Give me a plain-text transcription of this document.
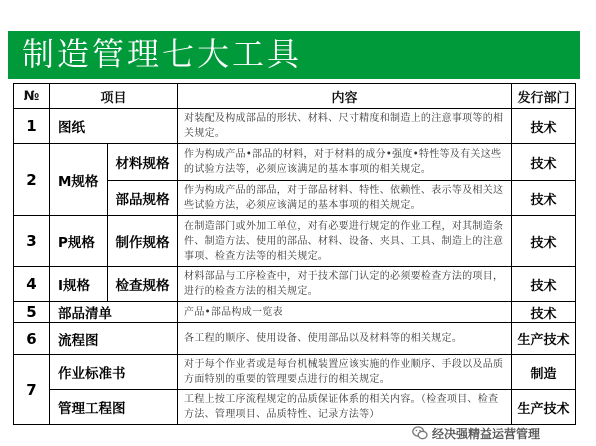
制造管理七大工具
№	项目		内容	发行部门
1	图纸		对装配及构成部品的形状、材料、尺寸精度和制造上的注意事项等的相关规定。	技术
2	M规格	材料规格	作为构成产品•部品的材料，对于材料的成分•强度•特性等及有关这些的试验方法等，必须应该满足的基本事项的相关规定。	技术
		部品规格	作为构成产品的部品，对于部品材料、特性、依赖性、表示等及相关这些试验方法，必须应该满足的基本事项的相关规定。	技术
3	P规格	制作规格	在制造部门或外加工单位，对有必要进行规定的作业工程，对其制造条件、制造方法、使用的部品、材料、设备、夹具、工具、制造上的注意事项、检查方法等的相关规定。	技术
4	I规格	检查规格	材料部品与工序检查中，对于技术部门认定的必须要检查方法的项目，进行的检查方法的相关规定。	技术
5	部品清单		产品•部品构成一览表	技术
6	流程图		各工程的顺序、使用设备、使用部品以及材料等的相关规定。	生产技术
7	作业标准书		对于每个作业者或是每台机械装置应该实施的作业顺序、手段以及品质方面特别的重要的管理要点进行的相关规定。	制造
	管理工程图		工程上按工序流程规定的品质保证体系的相关内容。（检查项目、检查方法、管理项目、品质特性、记录方法等）	生产技术
经决强精益运营管理
